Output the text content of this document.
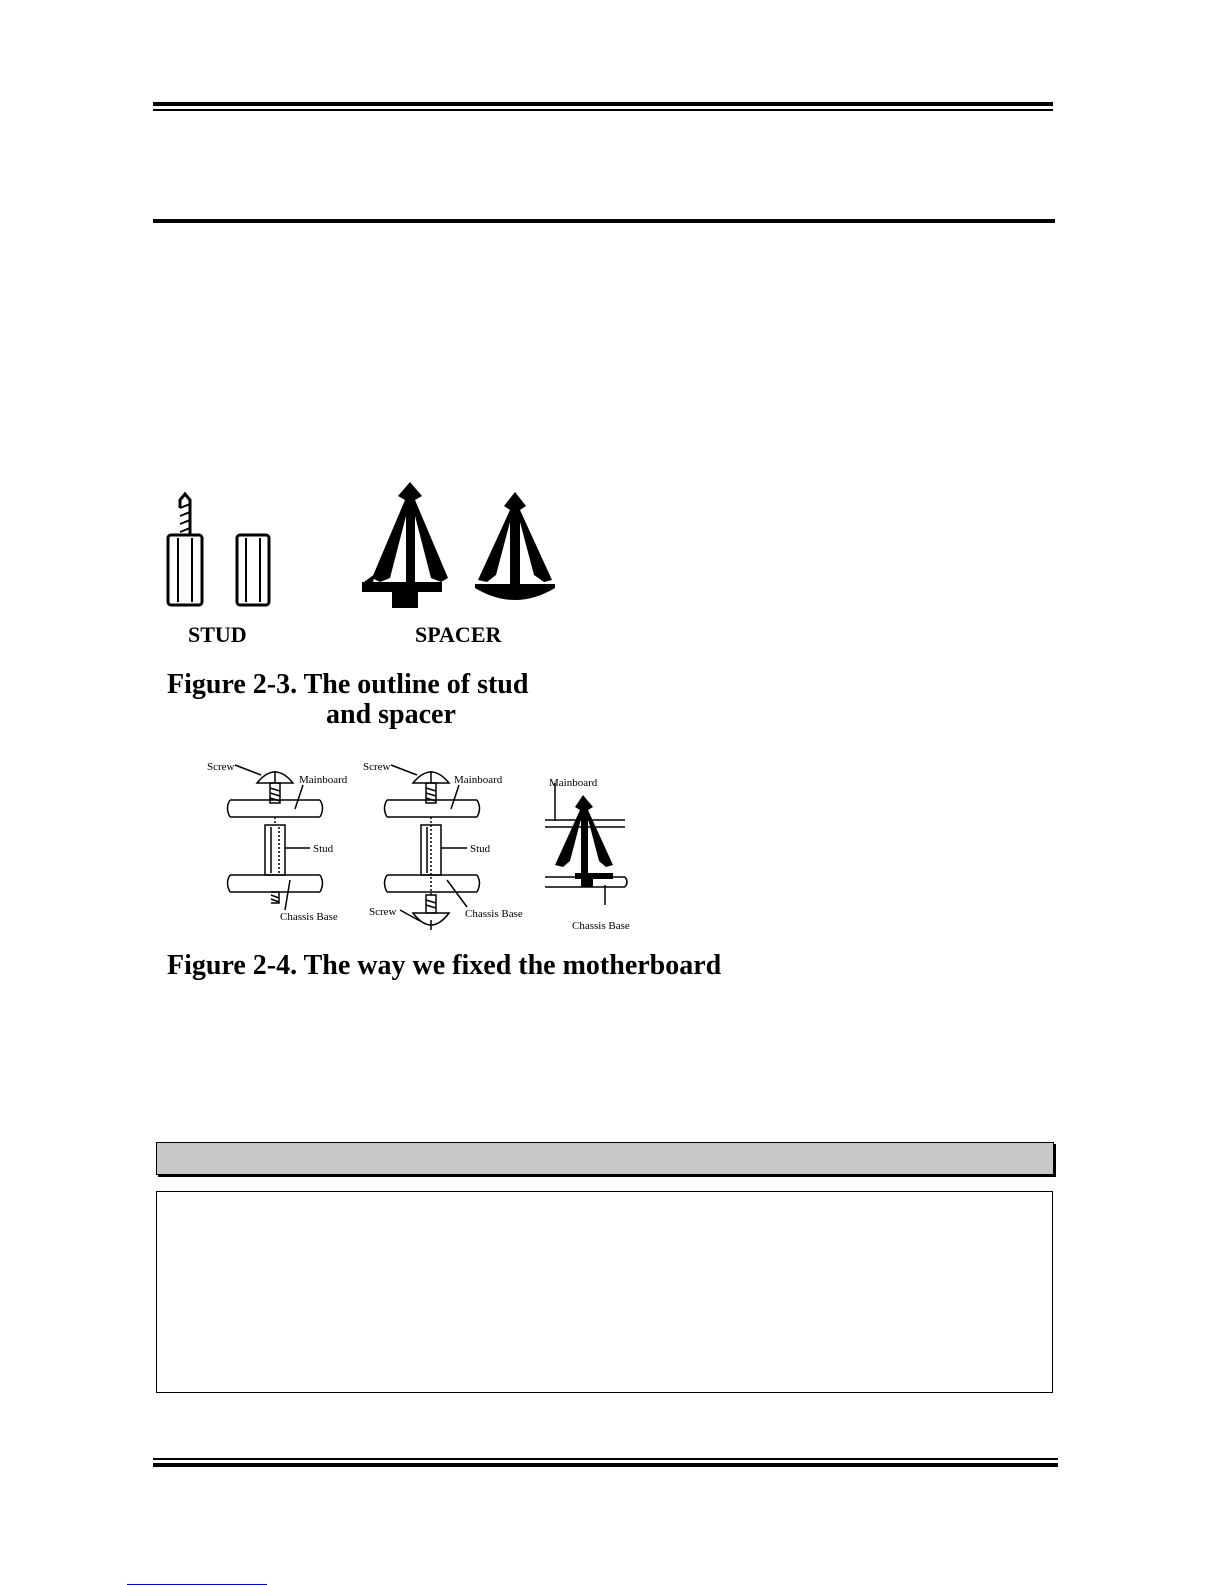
STUD	SPACER
Figure 2-3. The outline of stud
and spacer
Screw
Mainboard
Stud
Chassis Base
Screw
Mainboard
Stud
Chassis Base
Screw
Mainboard
Chassis Base
Figure 2-4. The way we fixed the motherboard
